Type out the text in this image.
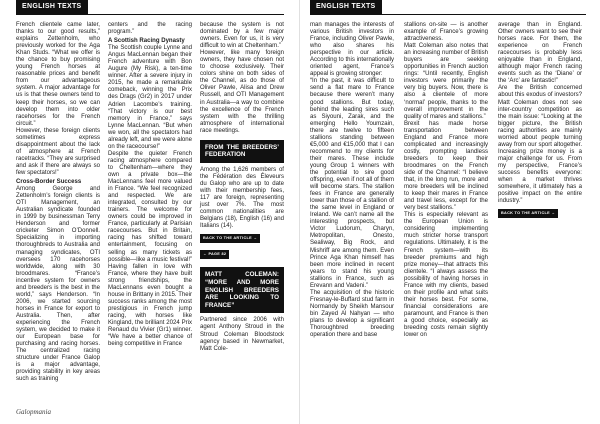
ENGLISH TEXTS

French clientele came later, thanks to our good results,” explains Zettenholm, who previously worked for the Aga Khan Studs. “What we offer is the chance to buy promising young French horses at reasonable prices and benefit from our advantageous system. A major advantage for us is that these owners tend to keep their horses, so we can develop them into older racehorses for the French circuit.”

However, these foreign clients sometimes express disappointment about the lack of atmosphere at French racetracks. “They are surprised and ask if there are always so few spectators!”

Cross-Border Success

Among George and Zettenholm’s foreign clients is OTI Management, an Australian syndicate founded in 1999 by businessman Terry Henderson and former cricketer Simon O’Donnell. Specializing in importing thoroughbreds to Australia and managing syndicates, OTI oversees 170 racehorses worldwide, along with 30 broodmares. “France’s incentive system for owners and breeders is the best in the world,” says Henderson. “In 2006, we started sourcing horses in France for export to Australia. Then, after experiencing the French system, we decided to make it our European base for purchasing and racing horses. The centralized racing structure under France Galop is a major advantage, providing stability in key areas such as training

centers and the racing program.”

A Scottish Racing Dynasty

The Scottish couple Lynne and Angus MacLennan began their French adventure with Bon Augure (My Risk), a ten-time winner. After a severe injury in 2015, he made a remarkable comeback, winning the Prix des Drags (Gr2) in 2017 under Adrien Lacombe’s training. “That victory is our best memory in France,” says Lynne MacLennan. “But when we won, all the spectators had already left, and we were alone on the racecourse!”

Despite the quieter French racing atmosphere compared to Cheltenham—where they own a private box—the MacLennans feel more valued in France. “We feel recognized and respected. We are integrated, consulted by our trainers. The welcome for owners could be improved in France, particularly at Parisian racecourses. But in Britain, racing has shifted toward entertainment, focusing on selling as many tickets as possible—like a music festival!”

Having fallen in love with France, where they have built strong friendships, the MacLennans even bought a house in Brittany in 2015. Their success ranks among the most prestigious in French jump racing, with horses like Kingland, the brilliant 2024 Prix Renaud du Vivier (Gr1) winner. “We have a better chance of being competitive in France

because the system is not dominated by a few major owners. Even for us, it is very difficult to win at Cheltenham.”

However, like many foreign owners, they have chosen not to choose exclusively. Their colors shine on both sides of the Channel, as do those of Oliver Pawle, Alisa and Drew Russell, and OTI Management in Australia—a way to combine the excellence of the French system with the thrilling atmosphere of international race meetings.

FROM THE BREEDERS’ FEDERATION

Among the 1,626 members of the Fédération des Éleveurs du Galop who are up to date with their membership fees, 117 are foreign, representing just over 7%. The most common nationalities are Belgians (18), English (16) and Italians (14).

BACK TO THE ARTICLE →
← PAGE 82
MATT COLEMAN: “MORE AND MORE ENGLISH BREEDERS ARE LOOKING TO FRANCE”

Partnered since 2006 with agent Anthony Stroud in the Stroud Coleman Bloodstock agency based in Newmarket, Matt Cole-

Galopmania
ENGLISH TEXTS

man manages the interests of various British investors in France, including Oliver Pawle, who also shares his perspective in our article. According to this internationally oriented agent, France’s appeal is growing stronger:

“In the past, it was difficult to send a flat mare to France because there weren’t many good stallions. But today, behind the leading sires such as Siyouni, Zarak, and the emerging Hello Youmzain, there are twelve to fifteen stallions standing between €5,000 and €15,000 that I can recommend to my clients for their mares. These include young Group 1 winners with the potential to sire good offspring, even if not all of them will become stars. The stallion fees in France are generally lower than those of a stallion of the same level in England or Ireland. We can’t name all the interesting prospects, but Victor Ludorum, Charyn, Metropolitan, Onesto, Sealiway, Big Rock, and Mishriff are among them. Even Prince Aga Khan himself has been more inclined in recent years to stand his young stallions in France, such as Erevann and Vadeni.”

The acquisition of the historic Fresnay-le-Buffard stud farm in Normandy by Sheikh Mansour bin Zayed Al Nahyan — who plans to develop a significant Thoroughbred breeding operation there and base

stallions on-site — is another example of France’s growing attractiveness.

Matt Coleman also notes that an increasing number of British buyers are seeking opportunities in French auction rings: “Until recently, English investors were primarily the very big buyers. Now, there is also a clientele of more ‘normal’ people, thanks to the overall improvement in the quality of mares and stallions.”

Brexit has made horse transportation between England and France more complicated and increasingly costly, prompting landless breeders to keep their broodmares on the French side of the Channel: “I believe that, in the long run, more and more breeders will be inclined to keep their mares in France and travel less, except for the very best stallions.”

This is especially relevant as the European Union is considering implementing much stricter horse transport regulations. Ultimately, it is the French system—with its breeder premiums and high prize money—that attracts this clientele. “I always assess the possibility of having horses in France with my clients, based on their profile and what suits their horses best. For some, financial considerations are paramount, and France is then a good choice, especially as breeding costs remain slightly lower on

average than in England. Other owners want to see their horses race. For them, the experience on French racecourses is probably less enjoyable than in England, although major French racing events such as the ‘Diane’ or the ‘Arc’ are fantastic!”

Are the British concerned about this exodus of investors? Matt Coleman does not see inter-country competition as the main issue: “Looking at the bigger picture, the British racing authorities are mainly worried about people turning away from our sport altogether. Increasing prize money is a major challenge for us. From my perspective, France’s success benefits everyone: when a market thrives somewhere, it ultimately has a positive impact on the entire industry.”

BACK TO THE ARTICLE →
